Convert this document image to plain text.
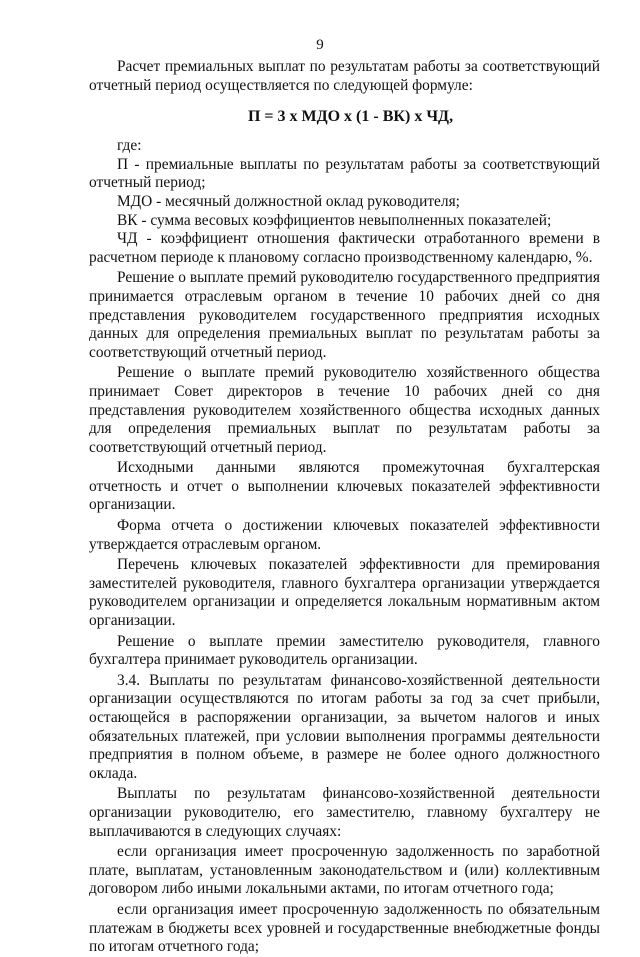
9

Расчет премиальных выплат по результатам работы за соответствующий отчетный период осуществляется по следующей формуле:

П = 3 х МДО х (1 - ВК) х ЧД,

где:

П - премиальные выплаты по результатам работы за соответствующий отчетный период;

МДО - месячный должностной оклад руководителя;

ВК - сумма весовых коэффициентов невыполненных показателей;

ЧД - коэффициент отношения фактически отработанного времени в расчетном периоде к плановому согласно производственному календарю, %.

Решение о выплате премий руководителю государственного предприятия принимается отраслевым органом в течение 10 рабочих дней со дня представления руководителем государственного предприятия исходных данных для определения премиальных выплат по результатам работы за соответствующий отчетный период.

Решение о выплате премий руководителю хозяйственного общества принимает Совет директоров в течение 10 рабочих дней со дня представления руководителем хозяйственного общества исходных данных для определения премиальных выплат по результатам работы за соответствующий отчетный период.

Исходными данными являются промежуточная бухгалтерская отчетность и отчет о выполнении ключевых показателей эффективности организации.

Форма отчета о достижении ключевых показателей эффективности утверждается отраслевым органом.

Перечень ключевых показателей эффективности для премирования заместителей руководителя, главного бухгалтера организации утверждается руководителем организации и определяется локальным нормативным актом организации.

Решение о выплате премии заместителю руководителя, главного бухгалтера принимает руководитель организации.

3.4. Выплаты по результатам финансово-хозяйственной деятельности организации осуществляются по итогам работы за год за счет прибыли, остающейся в распоряжении организации, за вычетом налогов и иных обязательных платежей, при условии выполнения программы деятельности предприятия в полном объеме, в размере не более одного должностного оклада.

Выплаты по результатам финансово-хозяйственной деятельности организации руководителю, его заместителю, главному бухгалтеру не выплачиваются в следующих случаях:

если организация имеет просроченную задолженность по заработной плате, выплатам, установленным законодательством и (или) коллективным договором либо иными локальными актами, по итогам отчетного года;

если организация имеет просроченную задолженность по обязательным платежам в бюджеты всех уровней и государственные внебюджетные фонды по итогам отчетного года;
